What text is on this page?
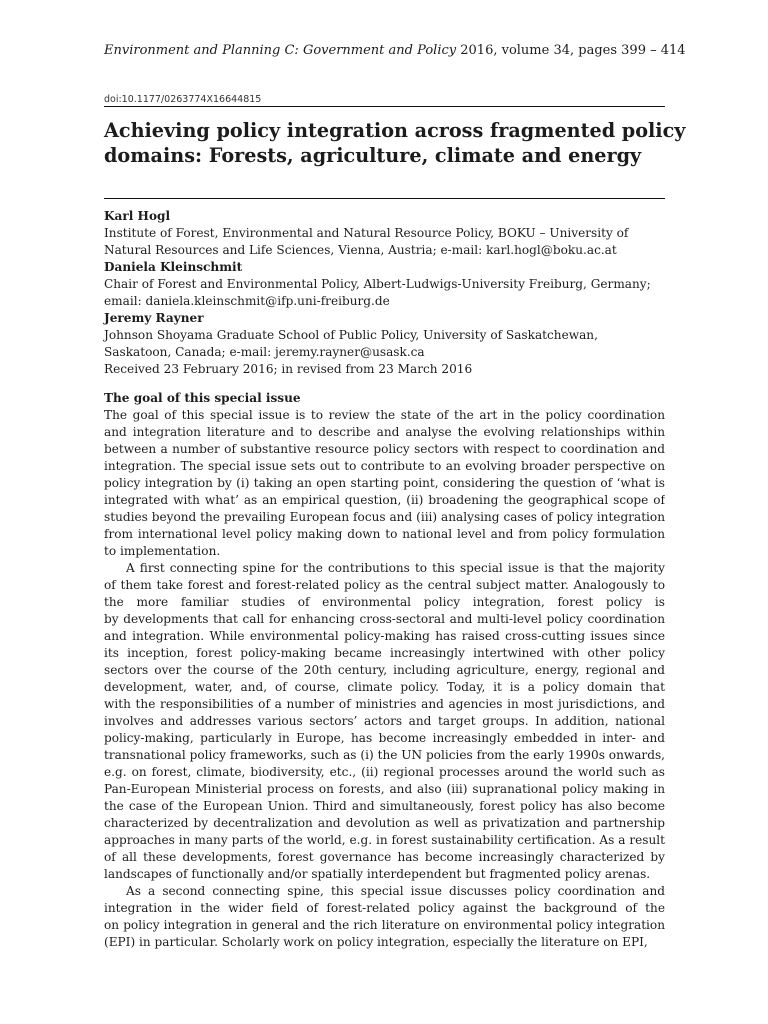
Environment and Planning C: Government and Policy 2016, volume 34, pages 399 – 414
doi:10.1177/0263774X16644815
Achieving policy integration across fragmented policy
domains: Forests, agriculture, climate and energy
Karl Hogl
Institute of Forest, Environmental and Natural Resource Policy, BOKU – University of
Natural Resources and Life Sciences, Vienna, Austria; e-mail: karl.hogl@boku.ac.at
Daniela Kleinschmit
Chair of Forest and Environmental Policy, Albert-Ludwigs-University Freiburg, Germany;
email: daniela.kleinschmit@ifp.uni-freiburg.de
Jeremy Rayner
Johnson Shoyama Graduate School of Public Policy, University of Saskatchewan,
Saskatoon, Canada; e-mail: jeremy.rayner@usask.ca
Received 23 February 2016; in revised from 23 March 2016
The goal of this special issue
The goal of this special issue is to review the state of the art in the policy coordination
and integration literature and to describe and analyse the evolving relationships within
between a number of substantive resource policy sectors with respect to coordination and
integration. The special issue sets out to contribute to an evolving broader perspective on
policy integration by (i) taking an open starting point, considering the question of ‘what is
integrated with what’ as an empirical question, (ii) broadening the geographical scope of
studies beyond the prevailing European focus and (iii) analysing cases of policy integration
from international level policy making down to national level and from policy formulation
to implementation.
A first connecting spine for the contributions to this special issue is that the majority
of them take forest and forest-related policy as the central subject matter. Analogously to
the more familiar studies of environmental policy integration, forest policy is
by developments that call for enhancing cross-sectoral and multi-level policy coordination
and integration. While environmental policy-making has raised cross-cutting issues since
its inception, forest policy-making became increasingly intertwined with other policy
sectors over the course of the 20th century, including agriculture, energy, regional and
development, water, and, of course, climate policy. Today, it is a policy domain that
with the responsibilities of a number of ministries and agencies in most jurisdictions, and
involves and addresses various sectors’ actors and target groups. In addition, national
policy-making, particularly in Europe, has become increasingly embedded in inter- and
transnational policy frameworks, such as (i) the UN policies from the early 1990s onwards,
e.g. on forest, climate, biodiversity, etc., (ii) regional processes around the world such as
Pan-European Ministerial process on forests, and also (iii) supranational policy making in
the case of the European Union. Third and simultaneously, forest policy has also become
characterized by decentralization and devolution as well as privatization and partnership
approaches in many parts of the world, e.g. in forest sustainability certification. As a result
of all these developments, forest governance has become increasingly characterized by
landscapes of functionally and/or spatially interdependent but fragmented policy arenas.
As a second connecting spine, this special issue discusses policy coordination and
integration in the wider field of forest-related policy against the background of the
on policy integration in general and the rich literature on environmental policy integration
(EPI) in particular. Scholarly work on policy integration, especially the literature on EPI,
